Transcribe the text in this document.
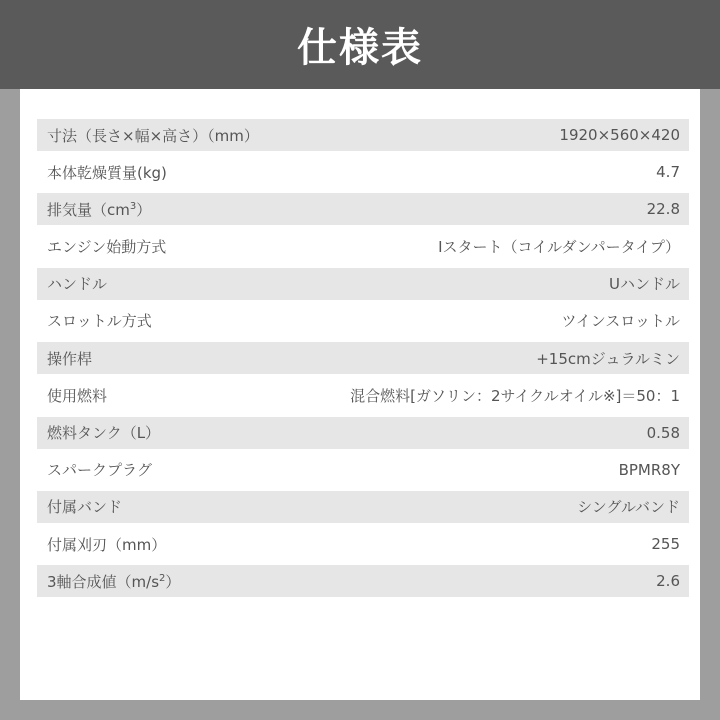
仕様表
寸法（長さ×幅×高さ）（mm）	1920×560×420
本体乾燥質量(kg)	4.7
排気量$(cm^3)$	22.8
エンジン始動方式	Iスタート（コイルダンパータイプ）
ハンドル	Uハンドル
スロットル方式	ツインスロットル
操作桿	+15cmジュラルミン
使用燃料	混合燃料[ガソリン：2サイクルオイル※]＝50：1
燃料タンク（L）	0.58
スパークプラグ	BPMR8Y
付属バンド	シングルバンド
付属刈刃（mm）	255
3軸合成値$(m/s^2)$	2.6
